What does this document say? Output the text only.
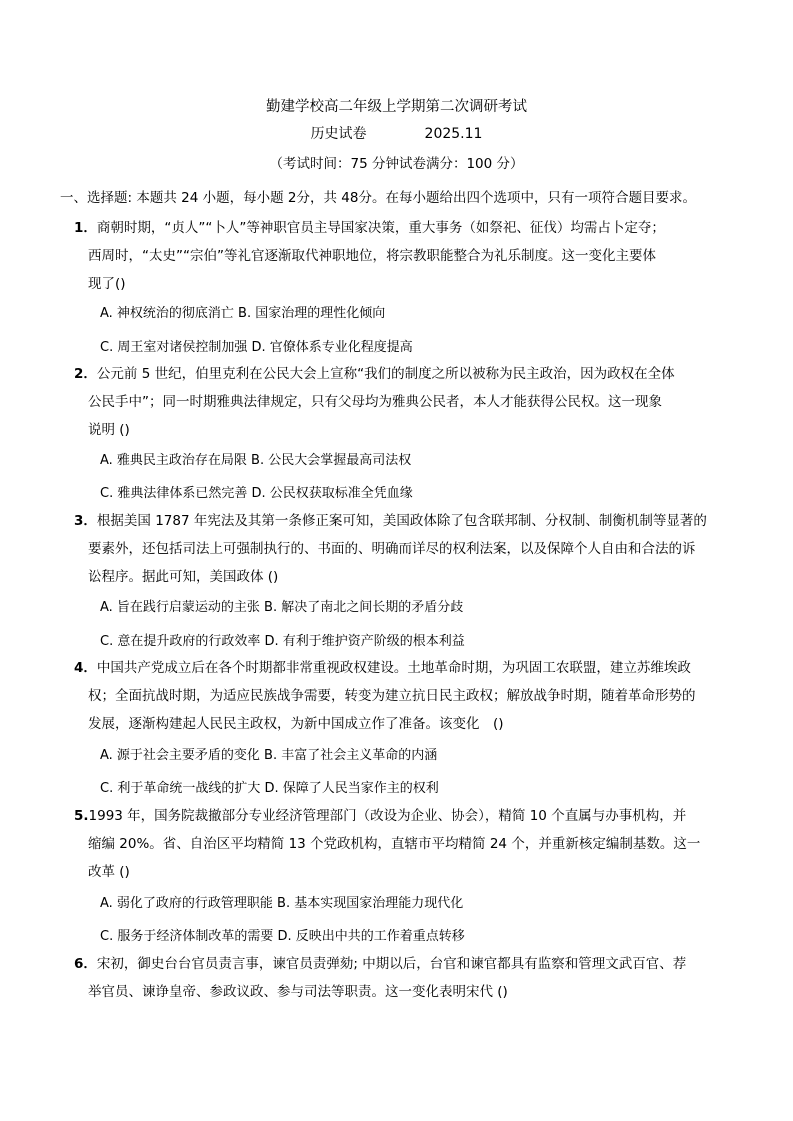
勤建学校高二年级上学期第二次调研考试
历史试卷	2025.11
（考试时间：75 分钟试卷满分：100 分）
一、选择题: 本题共 24 小题，每小题 2分，共 48分。在每小题给出四个选项中，只有一项符合题目要求。
1．商朝时期，“贞人”“卜人”等神职官员主导国家决策，重大事务（如祭祀、征伐）均需占卜定夺；
西周时，“太史”“宗伯”等礼官逐渐取代神职地位，将宗教职能整合为礼乐制度。这一变化主要体
现了()
A. 神权统治的彻底消亡 B. 国家治理的理性化倾向
C. 周王室对诸侯控制加强 D. 官僚体系专业化程度提高
2．公元前 5 世纪，伯里克利在公民大会上宣称“我们的制度之所以被称为民主政治，因为政权在全体
公民手中”；同一时期雅典法律规定，只有父母均为雅典公民者，本人才能获得公民权。这一现象
说明 ()
A. 雅典民主政治存在局限 B. 公民大会掌握最高司法权
C. 雅典法律体系已然完善 D. 公民权获取标准全凭血缘
3．根据美国 1787 年宪法及其第一条修正案可知，美国政体除了包含联邦制、分权制、制衡机制等显著的
要素外，还包括司法上可强制执行的、书面的、明确而详尽的权利法案，以及保障个人自由和合法的诉
讼程序。据此可知，美国政体 ()
A. 旨在践行启蒙运动的主张 B. 解决了南北之间长期的矛盾分歧
C. 意在提升政府的行政效率 D. 有利于维护资产阶级的根本利益
4．中国共产党成立后在各个时期都非常重视政权建设。土地革命时期，为巩固工农联盟，建立苏维埃政
权；全面抗战时期，为适应民族战争需要，转变为建立抗日民主政权；解放战争时期，随着革命形势的
发展，逐渐构建起人民民主政权，为新中国成立作了准备。该变化　()
A. 源于社会主要矛盾的变化 B. 丰富了社会主义革命的内涵
C. 利于革命统一战线的扩大 D. 保障了人民当家作主的权利
5.1993 年，国务院裁撤部分专业经济管理部门（改设为企业、协会），精简 10 个直属与办事机构，并
缩编 20%。省、自治区平均精简 13 个党政机构，直辖市平均精简 24 个，并重新核定编制基数。这一
改革 ()
A. 弱化了政府的行政管理职能 B. 基本实现国家治理能力现代化
C. 服务于经济体制改革的需要 D. 反映出中共的工作着重点转移
6．宋初，御史台台官员责言事，谏官员责弹劾; 中期以后，台官和谏官都具有监察和管理文武百官、荐
举官员、谏诤皇帝、参政议政、参与司法等职责。这一变化表明宋代 ()
